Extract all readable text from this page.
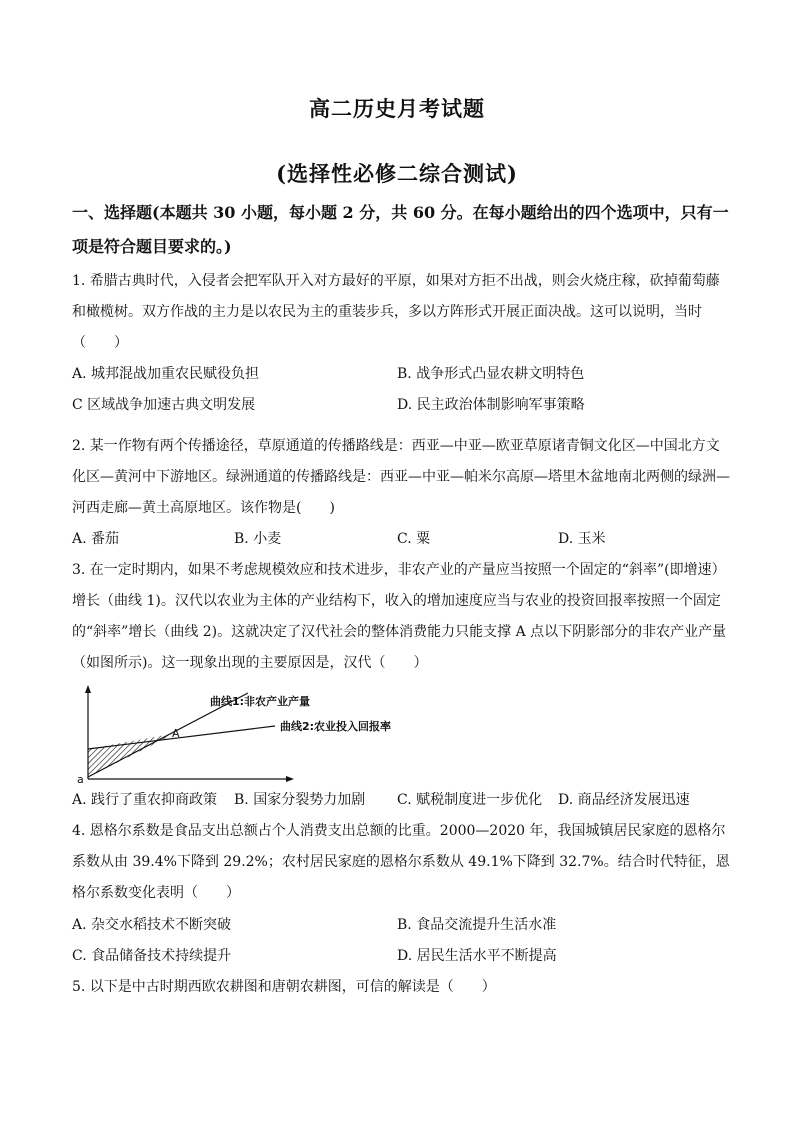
高二历史月考试题
(选择性必修二综合测试)
一、选择题(本题共 30 小题，每小题 2 分，共 60 分。在每小题给出的四个选项中，只有一项是符合题目要求的。)
1. 希腊古典时代，入侵者会把军队开入对方最好的平原，如果对方拒不出战，则会火烧庄稼，砍掉葡萄藤和橄榄树。双方作战的主力是以农民为主的重装步兵，多以方阵形式开展正面决战。这可以说明，当时（　　）
A. 城邦混战加重农民赋役负担	B. 战争形式凸显农耕文明特色
C 区域战争加速古典文明发展	D. 民主政治体制影响军事策略
2. 某一作物有两个传播途径，草原通道的传播路线是：西亚—中亚—欧亚草原诸青铜文化区—中国北方文化区—黄河中下游地区。绿洲通道的传播路线是：西亚—中亚—帕米尔高原—塔里木盆地南北两侧的绿洲—河西走廊—黄土高原地区。该作物是(　　)
A. 番茄	B. 小麦	C. 粟	D. 玉米
3. 在一定时期内，如果不考虑规模效应和技术进步，非农产业的产量应当按照一个固定的“斜率”(即增速）增长（曲线 1)。汉代以农业为主体的产业结构下，收入的增加速度应当与农业的投资回报率按照一个固定的“斜率”增长（曲线 2)。这就决定了汉代社会的整体消费能力只能支撑 A 点以下阴影部分的非农产业产量（如图所示)。这一现象出现的主要原因是，汉代（　　）
曲线1:非农产业产量
曲线2:农业投入回报率
A
a
A. 践行了重农抑商政策 B. 国家分裂势力加剧 C. 赋税制度进一步优化 D. 商品经济发展迅速
4. 恩格尔系数是食品支出总额占个人消费支出总额的比重。2000—2020 年，我国城镇居民家庭的恩格尔系数从由 39.4%下降到 29.2%；农村居民家庭的恩格尔系数从 49.1%下降到 32.7%。结合时代特征，恩格尔系数变化表明（　　）
A. 杂交水稻技术不断突破	B. 食品交流提升生活水准
C. 食品储备技术持续提升	D. 居民生活水平不断提高
5. 以下是中古时期西欧农耕图和唐朝农耕图，可信的解读是（　　）
